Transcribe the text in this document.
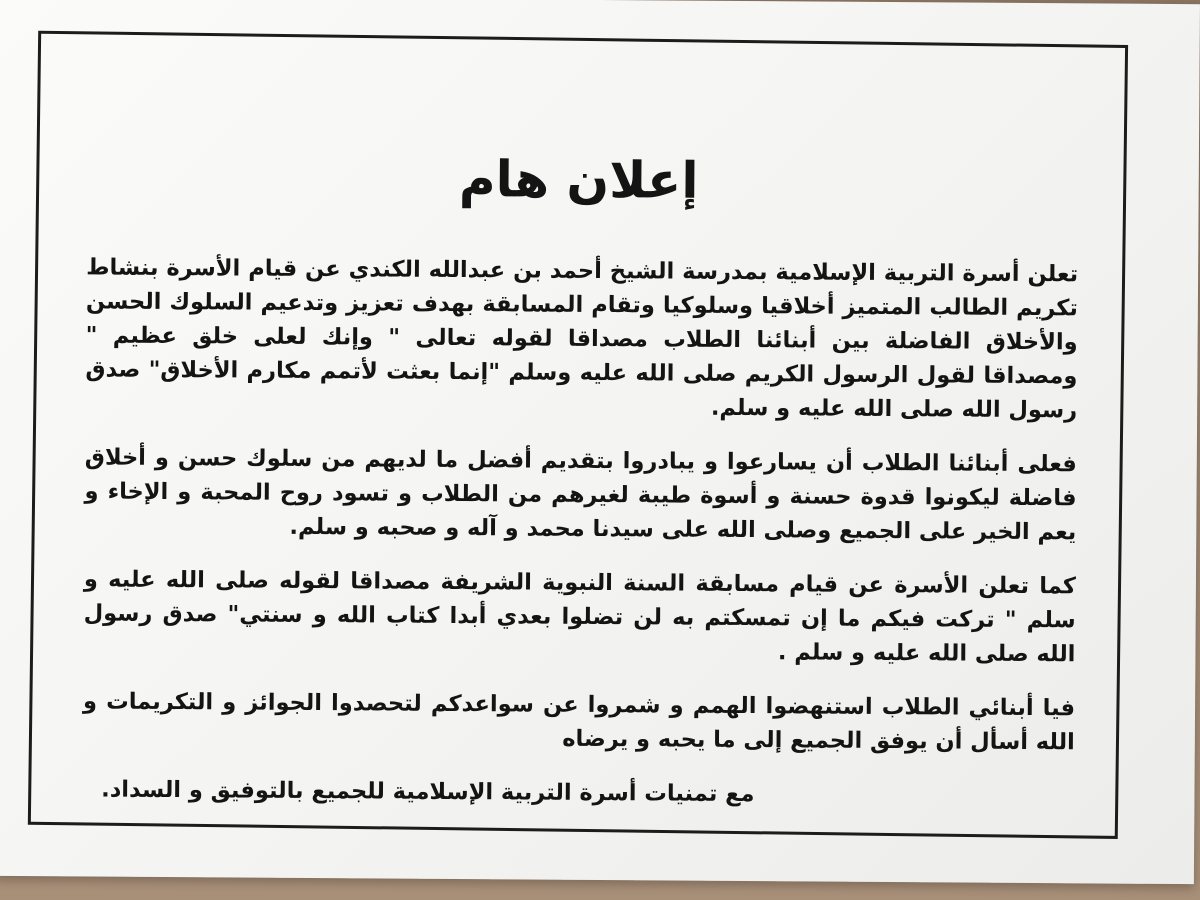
إعلان هام

تعلن أسرة التربية الإسلامية بمدرسة الشيخ أحمد بن عبدالله الكندي عن قيام الأسرة بنشاط تكريم الطالب المتميز أخلاقيا وسلوكيا وتقام المسابقة بهدف تعزيز وتدعيم السلوك الحسن والأخلاق الفاضلة بين أبنائنا الطلاب مصداقا لقوله تعالى " وإنك لعلى خلق عظيم " ومصداقا لقول الرسول الكريم صلى الله عليه وسلم "إنما بعثت لأتمم مكارم الأخلاق" صدق رسول الله صلى الله عليه و سلم.

فعلى أبنائنا الطلاب أن يسارعوا و يبادروا بتقديم أفضل ما لديهم من سلوك حسن و أخلاق فاضلة ليكونوا قدوة حسنة و أسوة طيبة لغيرهم من الطلاب و تسود روح المحبة و الإخاء و يعم الخير على الجميع وصلى الله على سيدنا محمد و آله و صحبه و سلم.

كما تعلن الأسرة عن قيام مسابقة السنة النبوية الشريفة مصداقا لقوله صلى الله عليه و سلم " تركت فيكم ما إن تمسكتم به لن تضلوا بعدي أبدا كتاب الله و سنتي" صدق رسول الله صلى الله عليه و سلم .

فيا أبنائي الطلاب استنهضوا الهمم و شمروا عن سواعدكم لتحصدوا الجوائز و التكريمات و الله أسأل أن يوفق الجميع إلى ما يحبه و يرضاه

مع تمنيات أسرة التربية الإسلامية للجميع بالتوفيق و السداد.
